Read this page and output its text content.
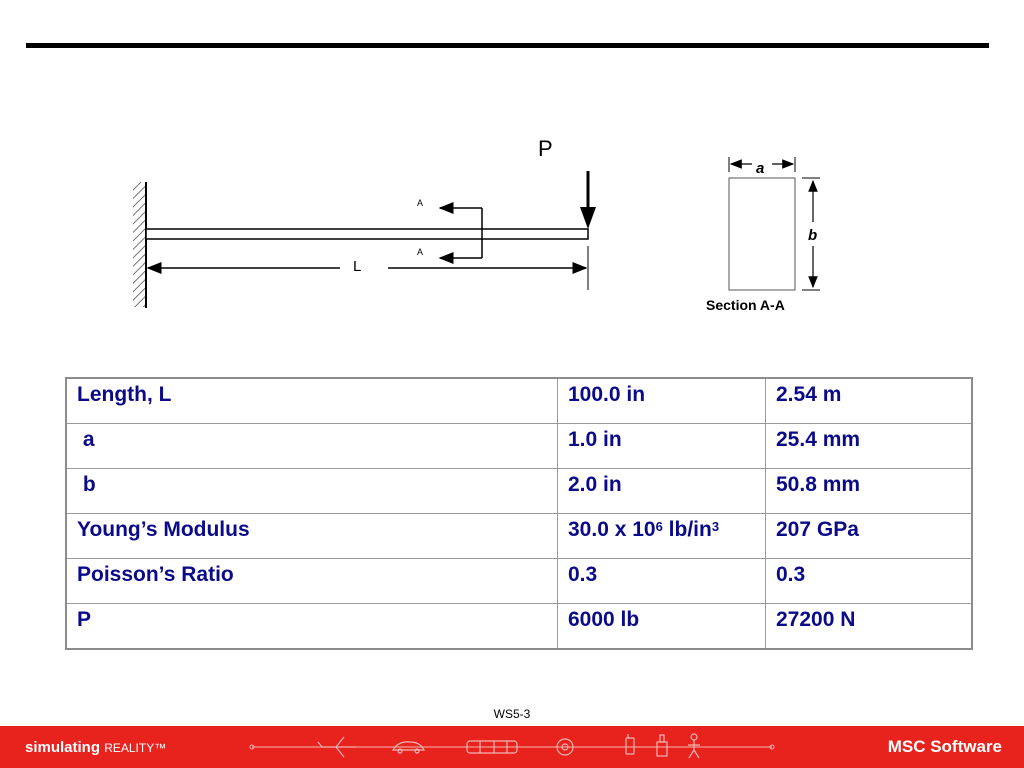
P
A
A
L
a
b
Section A-A
Length, L	100.0 in	2.54 m
a	1.0 in	25.4 mm
b	2.0 in	50.8 mm
Young’s Modulus	30.0 x $10^6$ $lb/in^3$	207 GPa
Poisson’s Ratio	0.3	0.3
P	6000 lb	27200 N
WS5-3
simulating REALITY™	MSC Software
